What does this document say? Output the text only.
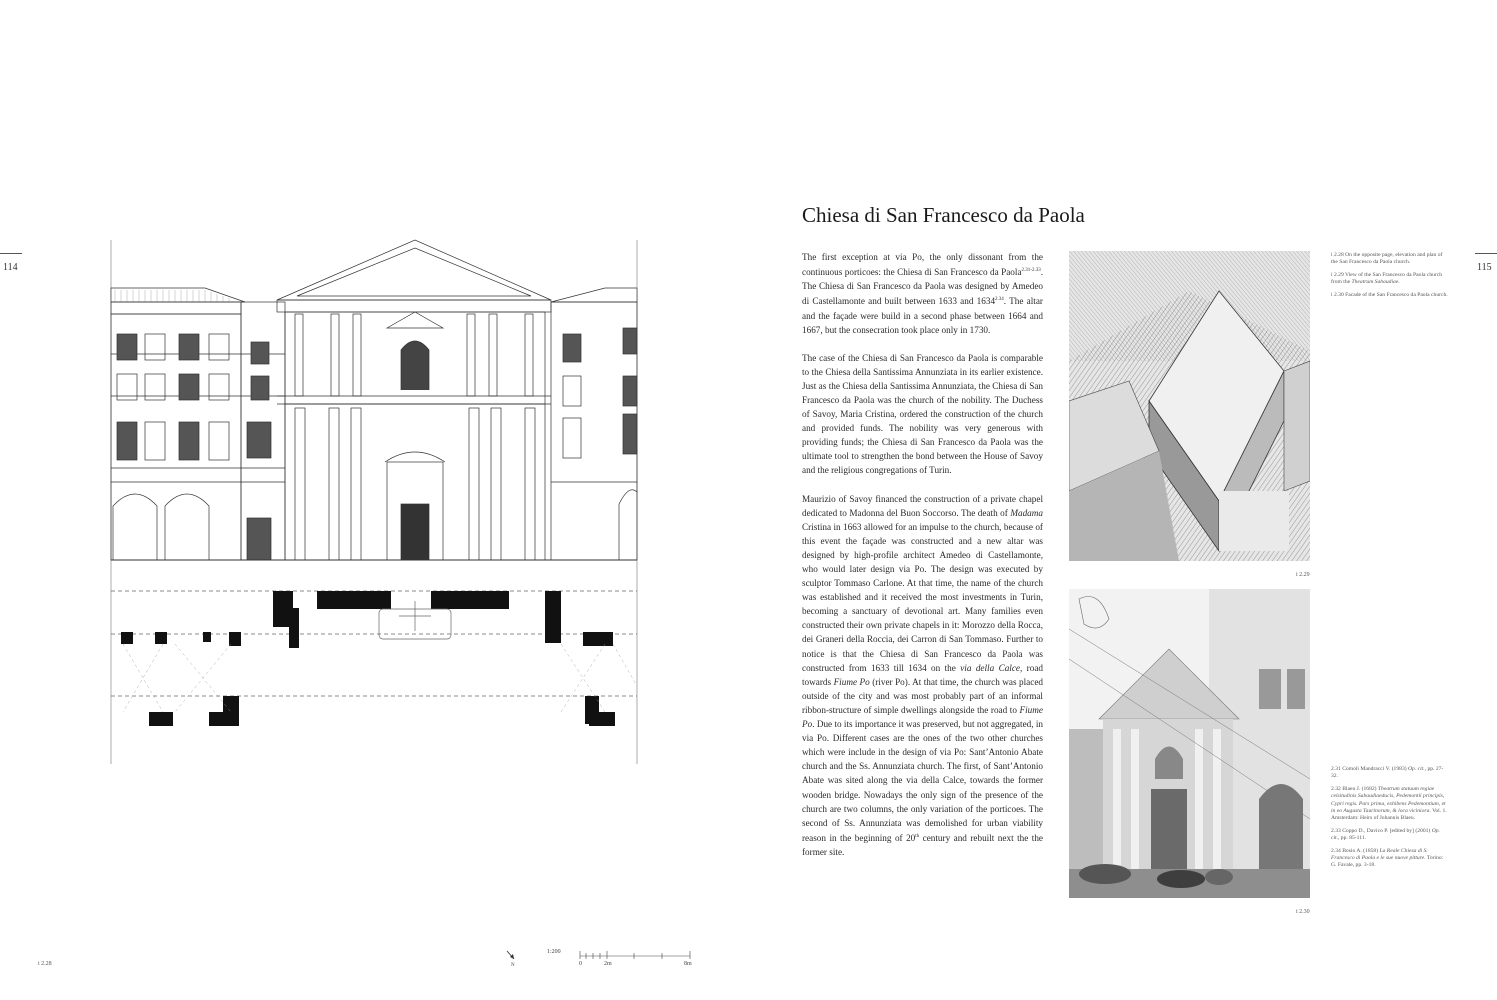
114
i 2.28	N
1:200
0	2m	8m
115
Chiesa di San Francesco da Paola

The first exception at via Po, the only dissonant from the continuous porticoes: the Chiesa di San Francesco da Paola$^{2.31-2.33}$. The Chiesa di San Francesco da Paola was designed by Amedeo di Castellamonte and built between 1633 and $1634^{2.34}$. The altar and the façade were build in a second phase between 1664 and 1667, but the consecration took place only in 1730.

The case of the Chiesa di San Francesco da Paola is comparable to the Chiesa della Santissima Annunziata in its earlier existence. Just as the Chiesa della Santissima Annunziata, the Chiesa di San Francesco da Paola was the church of the nobility. The Duchess of Savoy, Maria Cristina, ordered the construction of the church and provided funds. The nobility was very generous with providing funds; the Chiesa di San Francesco da Paola was the ultimate tool to strengthen the bond between the House of Savoy and the religious congregations of Turin.

Maurizio of Savoy financed the construction of a private chapel dedicated to Madonna del Buon Soccorso. The death of Madama Cristina in 1663 allowed for an impulse to the church, because of this event the façade was constructed and a new altar was designed by high-profile architect Amedeo di Castellamonte, who would later design via Po. The design was executed by sculptor Tommaso Carlone. At that time, the name of the church was established and it received the most investments in Turin, becoming a sanctuary of devotional art. Many families even constructed their own private chapels in it: Morozzo della Rocca, dei Graneri della Roccia, dei Carron di San Tommaso. Further to notice is that the Chiesa di San Francesco da Paola was constructed from 1633 till 1634 on the via della Calce, road towards Fiume Po (river Po). At that time, the church was placed outside of the city and was most probably part of an informal ribbon-structure of simple dwellings alongside the road to Fiume Po. Due to its importance it was preserved, but not aggregated, in via Po. Different cases are the ones of the two other churches which were include in the design of via Po: Sant’Antonio Abate church and the Ss. Annunziata church. The first, of Sant’Antonio Abate was sited along the via della Calce, towards the former wooden bridge. Nowadays the only sign of the presence of the church are two columns, the only variation of the porticoes. The second of Ss. Annunziata was demolished for urban viability reason in the beginning of 20th century and rebuilt next the the former site.

i 2.29
i 2.30

i 2.28 On the opposite page, elevation and plan of the San Francesco da Paola church.

i 2.29 View of the San Francesco da Paola church from the Theatrum Sabaudiae.

i 2.30 Facade of the San Francesco da Paola church.

2.31 Comoli Mandracci V. (1983) Op. cit., pp. 27-32.

2.32 Blaeu J. (1682) Theatrum statuum regiae celsitudinis Sabaudiaeducis, Pedemontii principis, Cypri regis. Pars prima, exhibens Pedemontium, et in eo Augusta Taurinorum, & loca viciniora. Vol. 1. Amsterdam: Heirs of Johannis Blaeu.

2.33 Coppo D., Davico P. [edited by] (2001) Op. cit., pp. 85-111.

2.34 Bosio A. (1858) La Reale Chiesa di S. Francesco di Paola e le sue nuove pitture. Torino: G. Favale, pp. 3-18.
